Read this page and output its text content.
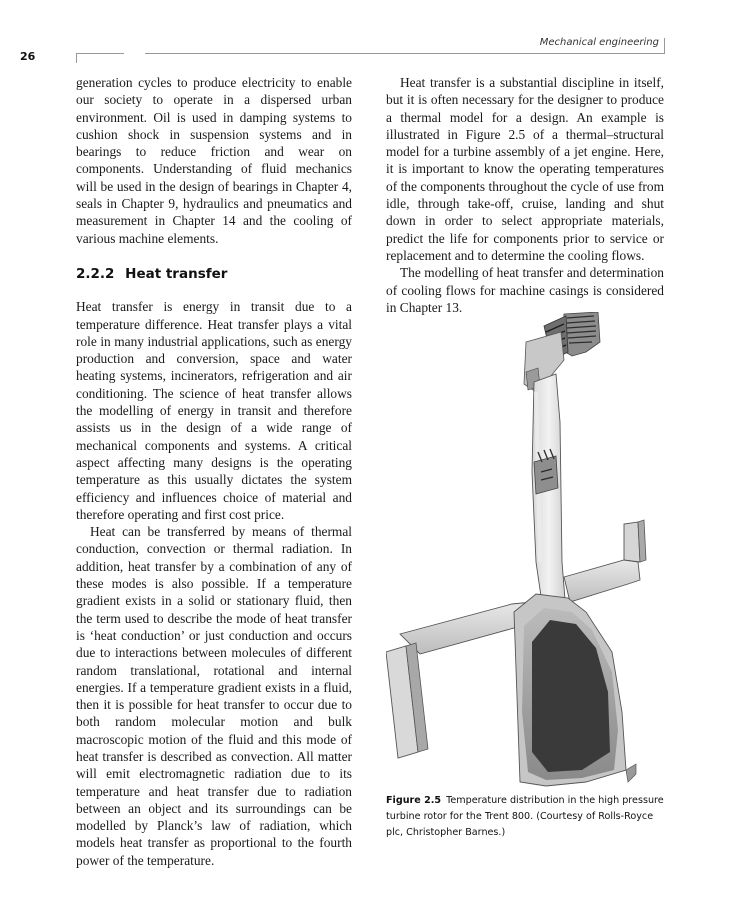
26
Mechanical engineering

generation cycles to produce electricity to enable our society to operate in a dispersed urban environment. Oil is used in damping systems to cushion shock in suspension systems and in bearings to reduce friction and wear on components. Understanding of fluid mechanics will be used in the design of bearings in Chapter 4, seals in Chapter 9, hydraulics and pneumatics and measurement in Chapter 14 and the cooling of various machine elements.

2.2.2 Heat transfer

Heat transfer is energy in transit due to a temperature difference. Heat transfer plays a vital role in many industrial applications, such as energy production and conversion, space and water heating systems, incinerators, refrigeration and air conditioning. The science of heat transfer allows the modelling of energy in transit and therefore assists us in the design of a wide range of mechanical components and systems. A critical aspect affecting many designs is the operating temperature as this usually dictates the system efficiency and influences choice of material and therefore operating and first cost price.

Heat can be transferred by means of thermal conduction, convection or thermal radiation. In addition, heat transfer by a combination of any of these modes is also possible. If a temperature gradient exists in a solid or stationary fluid, then the term used to describe the mode of heat transfer is ‘heat conduction’ or just conduction and occurs due to interactions between molecules of different random translational, rotational and internal energies. If a temperature gradient exists in a fluid, then it is possible for heat transfer to occur due to both random molecular motion and bulk macroscopic motion of the fluid and this mode of heat transfer is described as convection. All matter will emit electromagnetic radiation due to its temperature and heat transfer due to radiation between an object and its surroundings can be modelled by Planck’s law of radiation, which models heat transfer as proportional to the fourth power of the temperature.

Heat transfer is a substantial discipline in itself, but it is often necessary for the designer to produce a thermal model for a design. An example is illustrated in Figure 2.5 of a thermal–structural model for a turbine assembly of a jet engine. Here, it is important to know the operating temperatures of the components throughout the cycle of use from idle, through take-off, cruise, landing and shut down in order to select appropriate materials, predict the life for components prior to service or replacement and to determine the cooling flows.

The modelling of heat transfer and determination of cooling flows for machine casings is considered in Chapter 13.

Figure 2.5 Temperature distribution in the high pressure turbine rotor for the Trent 800. (Courtesy of Rolls-Royce plc, Christopher Barnes.)
